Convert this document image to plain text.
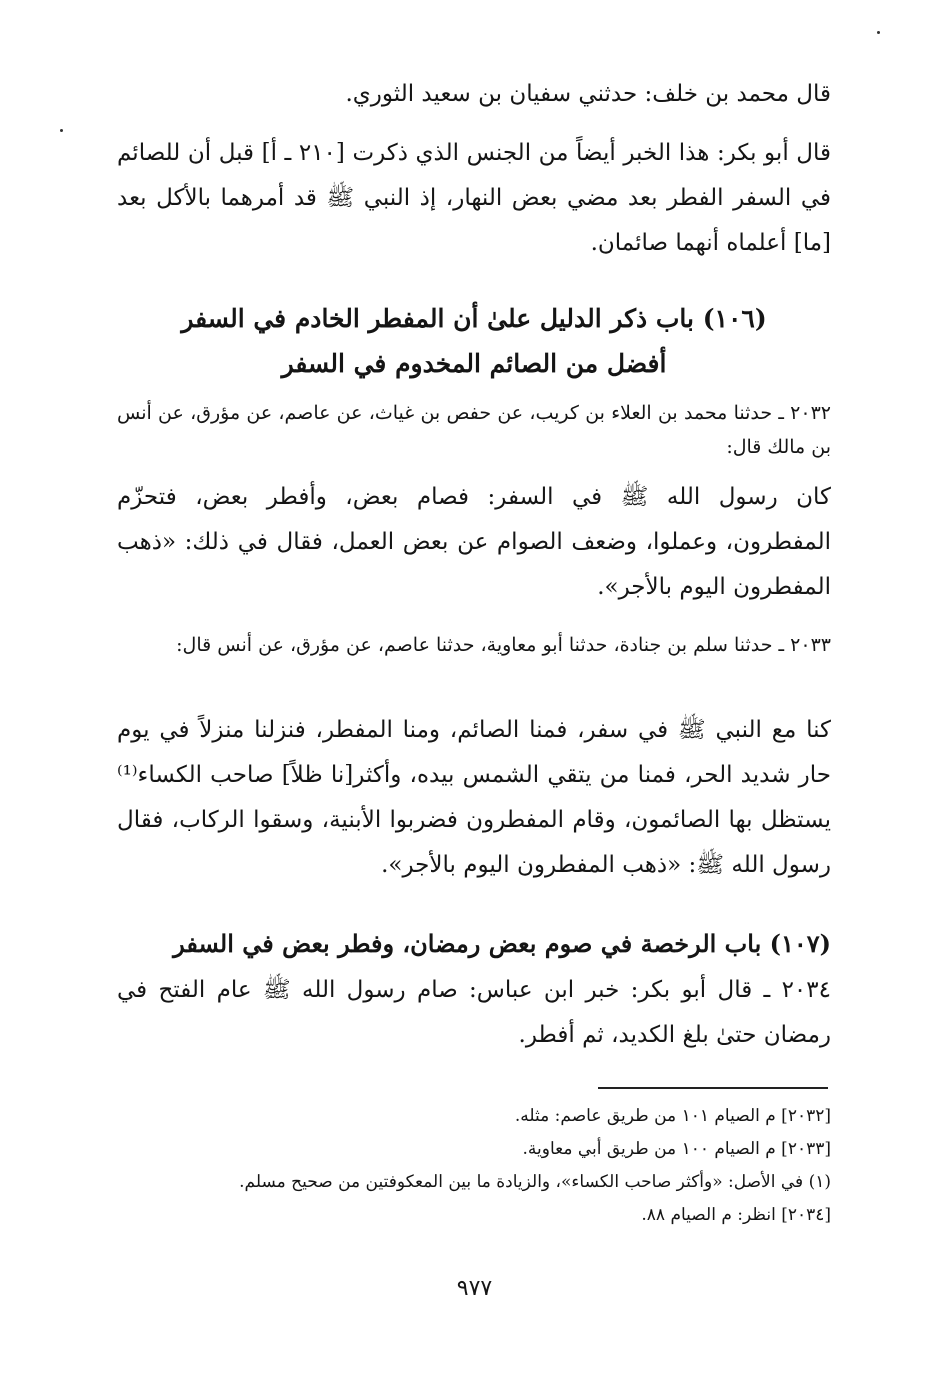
قال محمد بن خلف: حدثني سفيان بن سعيد الثوري.
قال أبو بكر: هذا الخبر أيضاً من الجنس الذي ذكرت [٢١٠ ـ أ] قبل أن للصائم في السفر الفطر بعد مضي بعض النهار، إذ النبي ﷺ قد أمرهما بالأكل بعد [ما] أعلماه أنهما صائمان.
(١٠٦) باب ذكر الدليل علىٰ أن المفطر الخادم في السفر
أفضل من الصائم المخدوم في السفر
٢٠٣٢ ـ حدثنا محمد بن العلاء بن كريب، عن حفص بن غياث، عن عاصم، عن مؤرق، عن أنس بن مالك قال:
كان رسول الله ﷺ في السفر: فصام بعض، وأفطر بعض، فتحزّم المفطرون، وعملوا، وضعف الصوام عن بعض العمل، فقال في ذلك: «ذهب المفطرون اليوم بالأجر».
٢٠٣٣ ـ حدثنا سلم بن جنادة، حدثنا أبو معاوية، حدثنا عاصم، عن مؤرق، عن أنس قال:
كنا مع النبي ﷺ في سفر، فمنا الصائم، ومنا المفطر، فنزلنا منزلاً في يوم حار شديد الحر، فمنا من يتقي الشمس بيده، وأكثر[نا ظلاً] صاحب الكساء⁽¹⁾ يستظل بها الصائمون، وقام المفطرون فضربوا الأبنية، وسقوا الركاب، فقال رسول الله ﷺ: «ذهب المفطرون اليوم بالأجر».
(١٠٧) باب الرخصة في صوم بعض رمضان، وفطر بعض في السفر
٢٠٣٤ ـ قال أبو بكر: خبر ابن عباس: صام رسول الله ﷺ عام الفتح في رمضان حتىٰ بلغ الكديد، ثم أفطر.
[٢٠٣٢] م الصيام ١٠١ من طريق عاصم: مثله.
[٢٠٣٣] م الصيام ١٠٠ من طريق أبي معاوية.
(١) في الأصل: «وأكثر صاحب الكساء»، والزيادة ما بين المعكوفتين من صحيح مسلم.
[٢٠٣٤] انظر: م الصيام ٨٨.
٩٧٧
